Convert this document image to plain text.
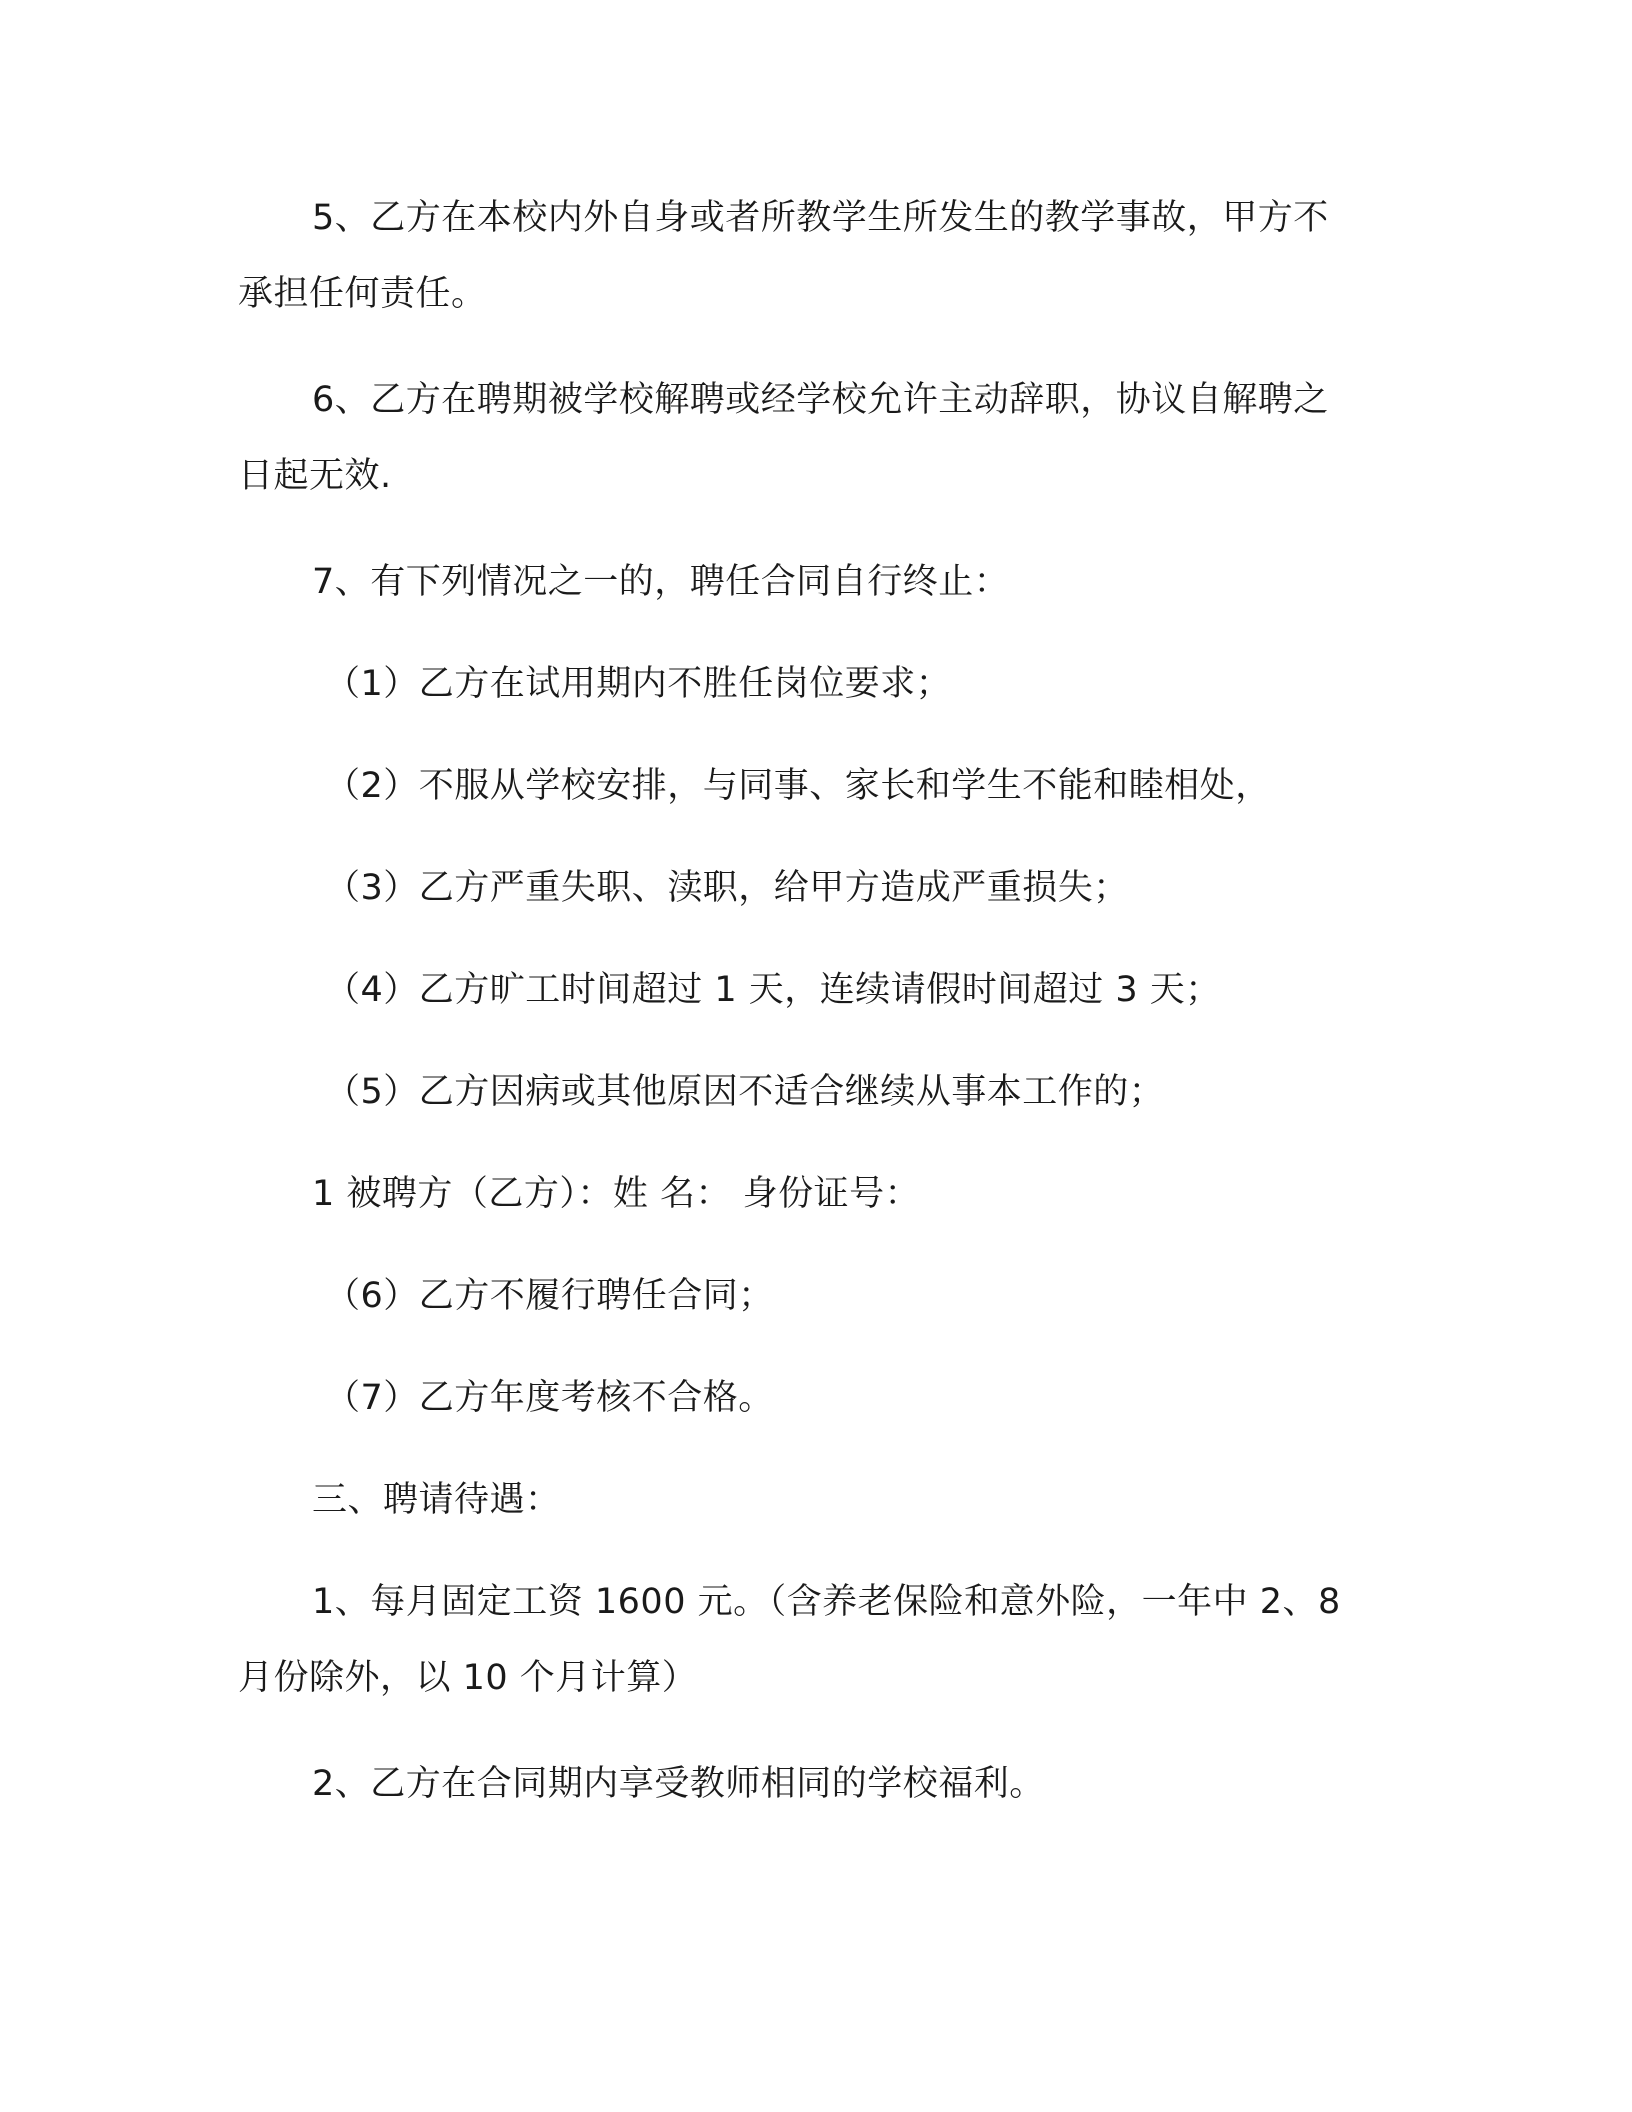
5、乙方在本校内外自身或者所教学生所发生的教学事故，甲方不
承担任何责任。
6、乙方在聘期被学校解聘或经学校允许主动辞职，协议自解聘之
日起无效.
7、有下列情况之一的，聘任合同自行终止：
（1）乙方在试用期内不胜任岗位要求；
（2）不服从学校安排，与同事、家长和学生不能和睦相处，
（3）乙方严重失职、渎职，给甲方造成严重损失；
（4）乙方旷工时间超过 1 天，连续请假时间超过 3 天；
（5）乙方因病或其他原因不适合继续从事本工作的；
1 被聘方（乙方）：姓 名： 身份证号：
（6）乙方不履行聘任合同；
（7）乙方年度考核不合格。
三、聘请待遇：
1、每月固定工资 1600 元。（含养老保险和意外险，一年中 2、8
月份除外，以 10 个月计算）
2、乙方在合同期内享受教师相同的学校福利。
